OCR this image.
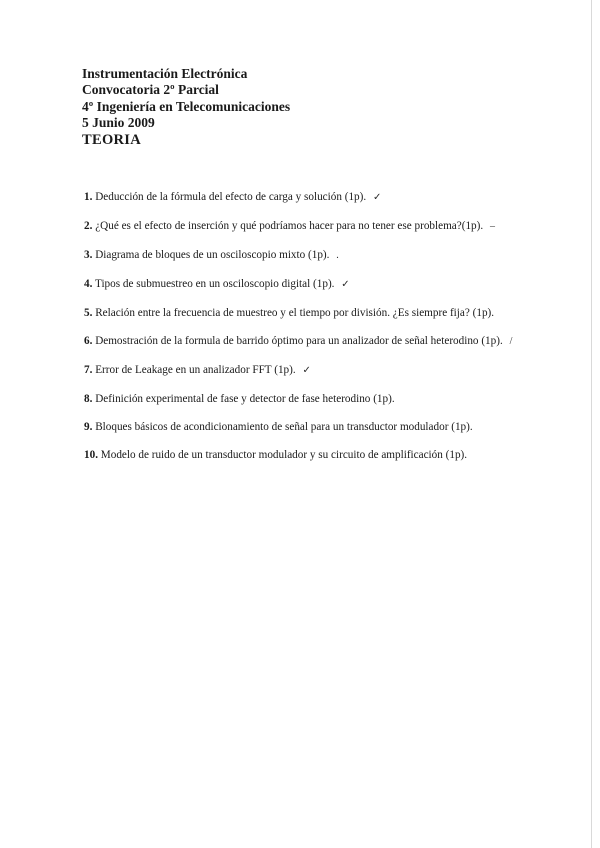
Instrumentación Electrónica
Convocatoria 2º Parcial
4º Ingeniería en Telecomunicaciones
5 Junio 2009
TEORIA
1. Deducción de la fórmula del efecto de carga y solución (1p). ✓
2. ¿Qué es el efecto de inserción y qué podríamos hacer para no tener ese problema?(1p). –
3. Diagrama de bloques de un osciloscopio mixto (1p). .
4. Tipos de submuestreo en un osciloscopio digital (1p). ✓
5. Relación entre la frecuencia de muestreo y el tiempo por división. ¿Es siempre fija? (1p).
6. Demostración de la formula de barrido óptimo para un analizador de señal heterodino (1p). /
7. Error de Leakage en un analizador FFT (1p). ✓
8. Definición experimental de fase y detector de fase heterodino (1p).
9. Bloques básicos de acondicionamiento de señal para un transductor modulador (1p).
10. Modelo de ruido de un transductor modulador y su circuito de amplificación (1p).
